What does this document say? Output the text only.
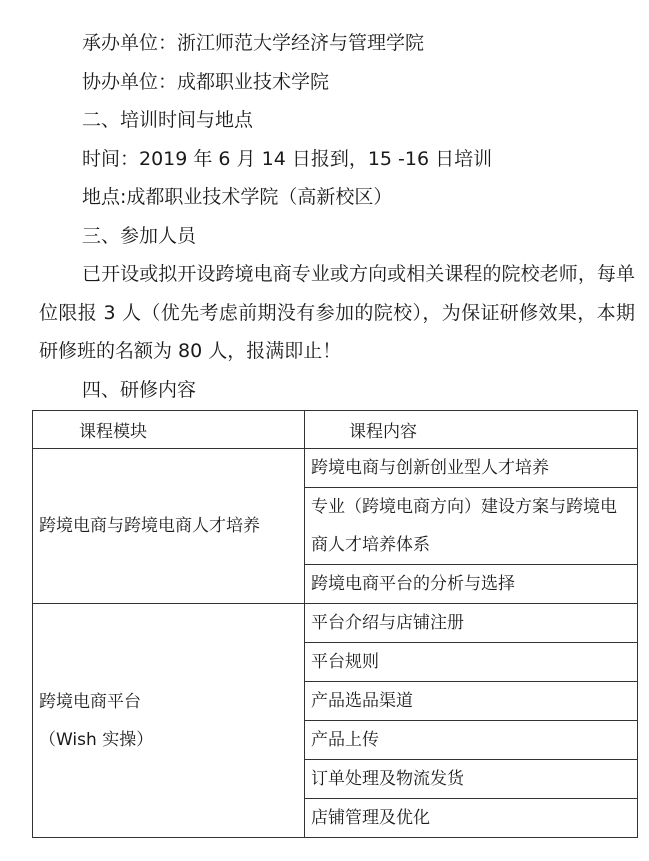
承办单位：浙江师范大学经济与管理学院
协办单位：成都职业技术学院
二、培训时间与地点
时间：2019 年 6 月 14 日报到，15 -16 日培训
地点:成都职业技术学院（高新校区）
三、参加人员
已开设或拟开设跨境电商专业或方向或相关课程的院校老师，每单位限报 3 人（优先考虑前期没有参加的院校），为保证研修效果，本期研修班的名额为 80 人，报满即止！
四、研修内容
课程模块	课程内容
跨境电商与跨境电商人才培养	跨境电商与创新创业型人才培养
	专业（跨境电商方向）建设方案与跨境电商人才培养体系
	跨境电商平台的分析与选择

跨境电商平台
（Wish 实操）	平台介绍与店铺注册
	平台规则
	产品选品渠道
	产品上传
	订单处理及物流发货
	店铺管理及优化
